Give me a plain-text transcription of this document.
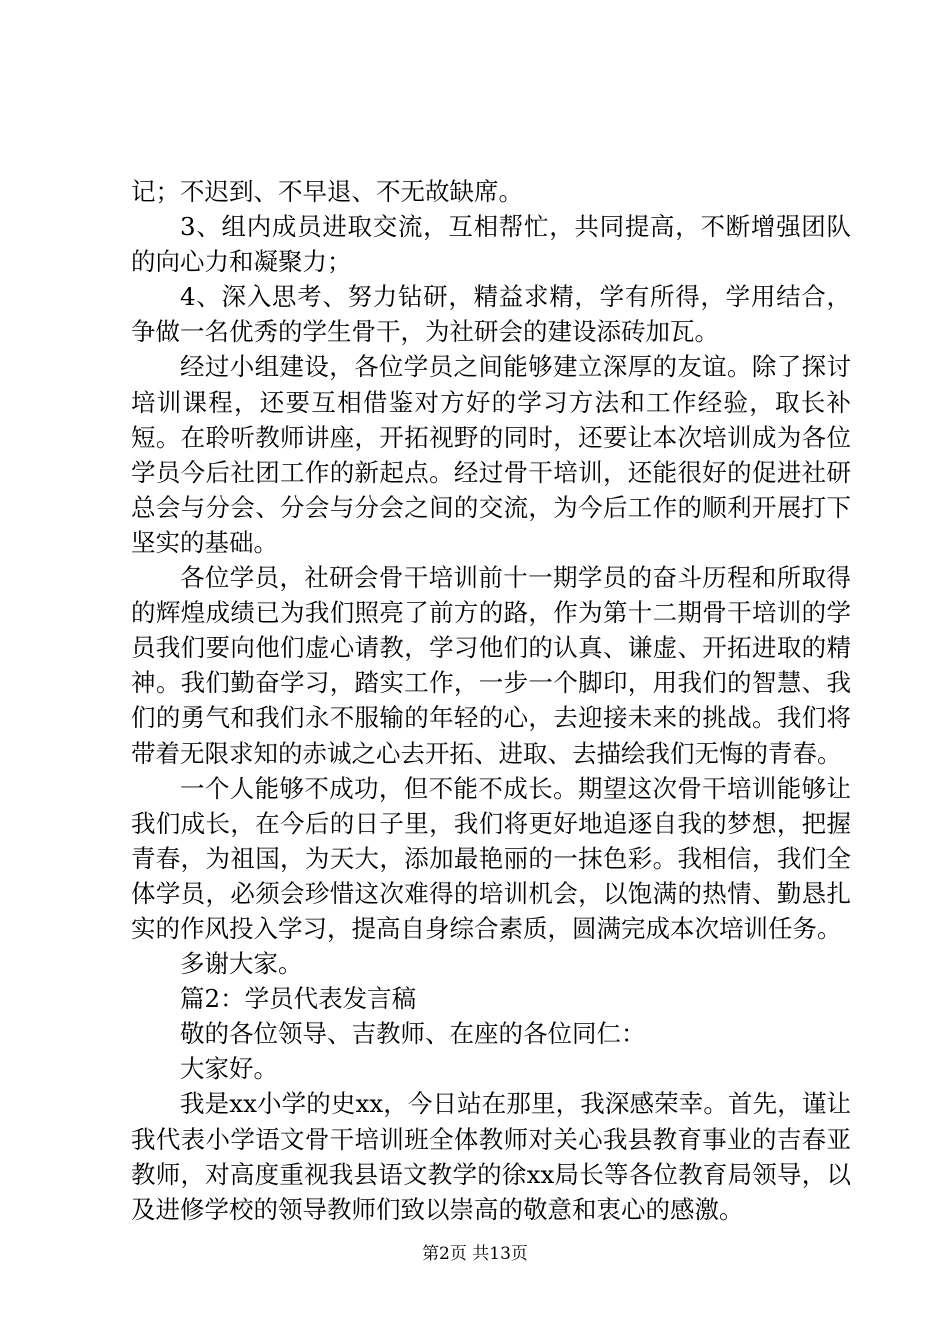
记；不迟到、不早退、不无故缺席。

3、组内成员进取交流，互相帮忙，共同提高，不断增强团队的向心力和凝聚力；

4、深入思考、努力钻研，精益求精，学有所得，学用结合，争做一名优秀的学生骨干，为社研会的建设添砖加瓦。

经过小组建设，各位学员之间能够建立深厚的友谊。除了探讨培训课程，还要互相借鉴对方好的学习方法和工作经验，取长补短。在聆听教师讲座，开拓视野的同时，还要让本次培训成为各位学员今后社团工作的新起点。经过骨干培训，还能很好的促进社研总会与分会、分会与分会之间的交流，为今后工作的顺利开展打下坚实的基础。

各位学员，社研会骨干培训前十一期学员的奋斗历程和所取得的辉煌成绩已为我们照亮了前方的路，作为第十二期骨干培训的学员我们要向他们虚心请教，学习他们的认真、谦虚、开拓进取的精神。我们勤奋学习，踏实工作，一步一个脚印，用我们的智慧、我们的勇气和我们永不服输的年轻的心，去迎接未来的挑战。我们将带着无限求知的赤诚之心去开拓、进取、去描绘我们无悔的青春。

一个人能够不成功，但不能不成长。期望这次骨干培训能够让我们成长，在今后的日子里，我们将更好地追逐自我的梦想，把握青春，为祖国，为天大，添加最艳丽的一抹色彩。我相信，我们全体学员，必须会珍惜这次难得的培训机会，以饱满的热情、勤恳扎实的作风投入学习，提高自身综合素质，圆满完成本次培训任务。

多谢大家。

篇2：学员代表发言稿

敬的各位领导、吉教师、在座的各位同仁：

大家好。

我是xx小学的史xx，今日站在那里，我深感荣幸。首先，谨让我代表小学语文骨干培训班全体教师对关心我县教育事业的吉春亚教师，对高度重视我县语文教学的徐xx局长等各位教育局领导，以及进修学校的领导教师们致以崇高的敬意和衷心的感激。

第2页 共13页
